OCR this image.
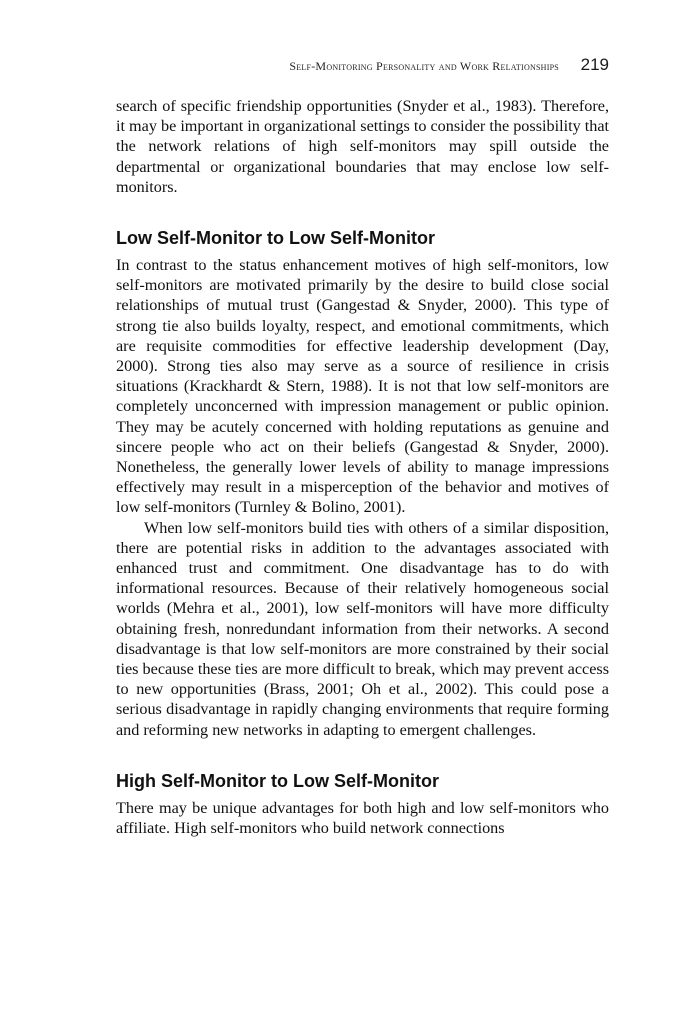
Self-Monitoring Personality and Work Relationships 219

search of specific friendship opportunities (Snyder et al., 1983). Therefore, it may be important in organizational settings to consider the possibility that the network relations of high self-monitors may spill outside the departmental or organizational boundaries that may enclose low self-monitors.

Low Self-Monitor to Low Self-Monitor

In contrast to the status enhancement motives of high self-monitors, low self-monitors are motivated primarily by the desire to build close social relationships of mutual trust (Gangestad & Snyder, 2000). This type of strong tie also builds loyalty, respect, and emotional commitments, which are requisite commodities for effective leadership development (Day, 2000). Strong ties also may serve as a source of resilience in crisis situations (Krackhardt & Stern, 1988). It is not that low self-monitors are completely unconcerned with impression management or public opinion. They may be acutely concerned with holding reputations as genuine and sincere people who act on their beliefs (Gangestad & Snyder, 2000). Nonetheless, the generally lower levels of ability to manage impressions effectively may result in a misperception of the behavior and motives of low self-monitors (Turnley & Bolino, 2001).

When low self-monitors build ties with others of a similar disposition, there are potential risks in addition to the advantages associated with enhanced trust and commitment. One disadvantage has to do with informational resources. Because of their relatively homogeneous social worlds (Mehra et al., 2001), low self-monitors will have more difficulty obtaining fresh, nonredundant information from their networks. A second disadvantage is that low self-monitors are more constrained by their social ties because these ties are more difficult to break, which may prevent access to new opportunities (Brass, 2001; Oh et al., 2002). This could pose a serious disadvantage in rapidly changing environments that require forming and reforming new networks in adapting to emergent challenges.

High Self-Monitor to Low Self-Monitor

There may be unique advantages for both high and low self-monitors who affiliate. High self-monitors who build network connections
